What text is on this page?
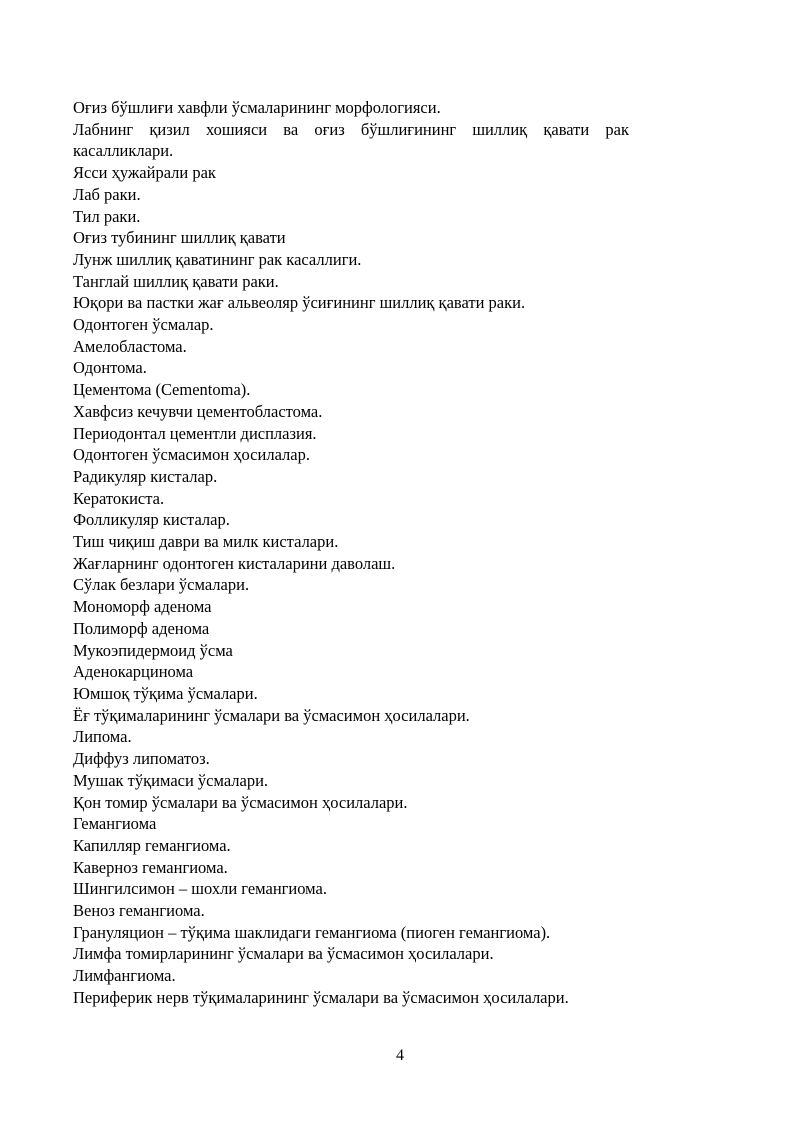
Оғиз бўшлиғи хавфли ўсмаларининг морфологияси.
Лабнинг қизил хошияси ва оғиз бўшлиғининг шиллиқ қавати рак касалликлари.
Ясси ҳужайрали рак
Лаб раки.
Тил раки.
Оғиз тубининг шиллиқ қавати
Лунж шиллиқ қаватининг рак касаллиги.
Танглай шиллиқ қавати раки.
Юқори ва пастки жағ альвеоляр ўсиғининг шиллиқ қавати раки.
Одонтоген ўсмалар.
Амелобластома.
Одонтома.
Цементома (Cementoma).
Хавфсиз кечувчи цементобластома.
Периодонтал цементли дисплазия.
Одонтоген ўсмасимон ҳосилалар.
Радикуляр кисталар.
Кератокиста.
Фолликуляр кисталар.
Тиш чиқиш даври ва милк кисталари.
Жағларнинг одонтоген кисталарини даволаш.
Сўлак безлари ўсмалари.
Мономорф аденома
Полиморф аденома
Мукоэпидермоид ўсма
Аденокарцинома
Юмшоқ тўқима ўсмалари.
Ёғ тўқималарининг ўсмалари ва ўсмасимон ҳосилалари.
Липома.
Диффуз липоматоз.
Мушак тўқимаси ўсмалари.
Қон томир ўсмалари ва ўсмасимон ҳосилалари.
Гемангиома
Капилляр гемангиома.
Каверноз гемангиома.
Шингилсимон – шохли гемангиома.
Веноз гемангиома.
Грануляцион – тўқима шаклидаги гемангиома (пиоген гемангиома).
Лимфа томирларининг ўсмалари ва ўсмасимон ҳосилалари.
Лимфангиома.
Периферик нерв тўқималарининг ўсмалари ва ўсмасимон ҳосилалари.
4
